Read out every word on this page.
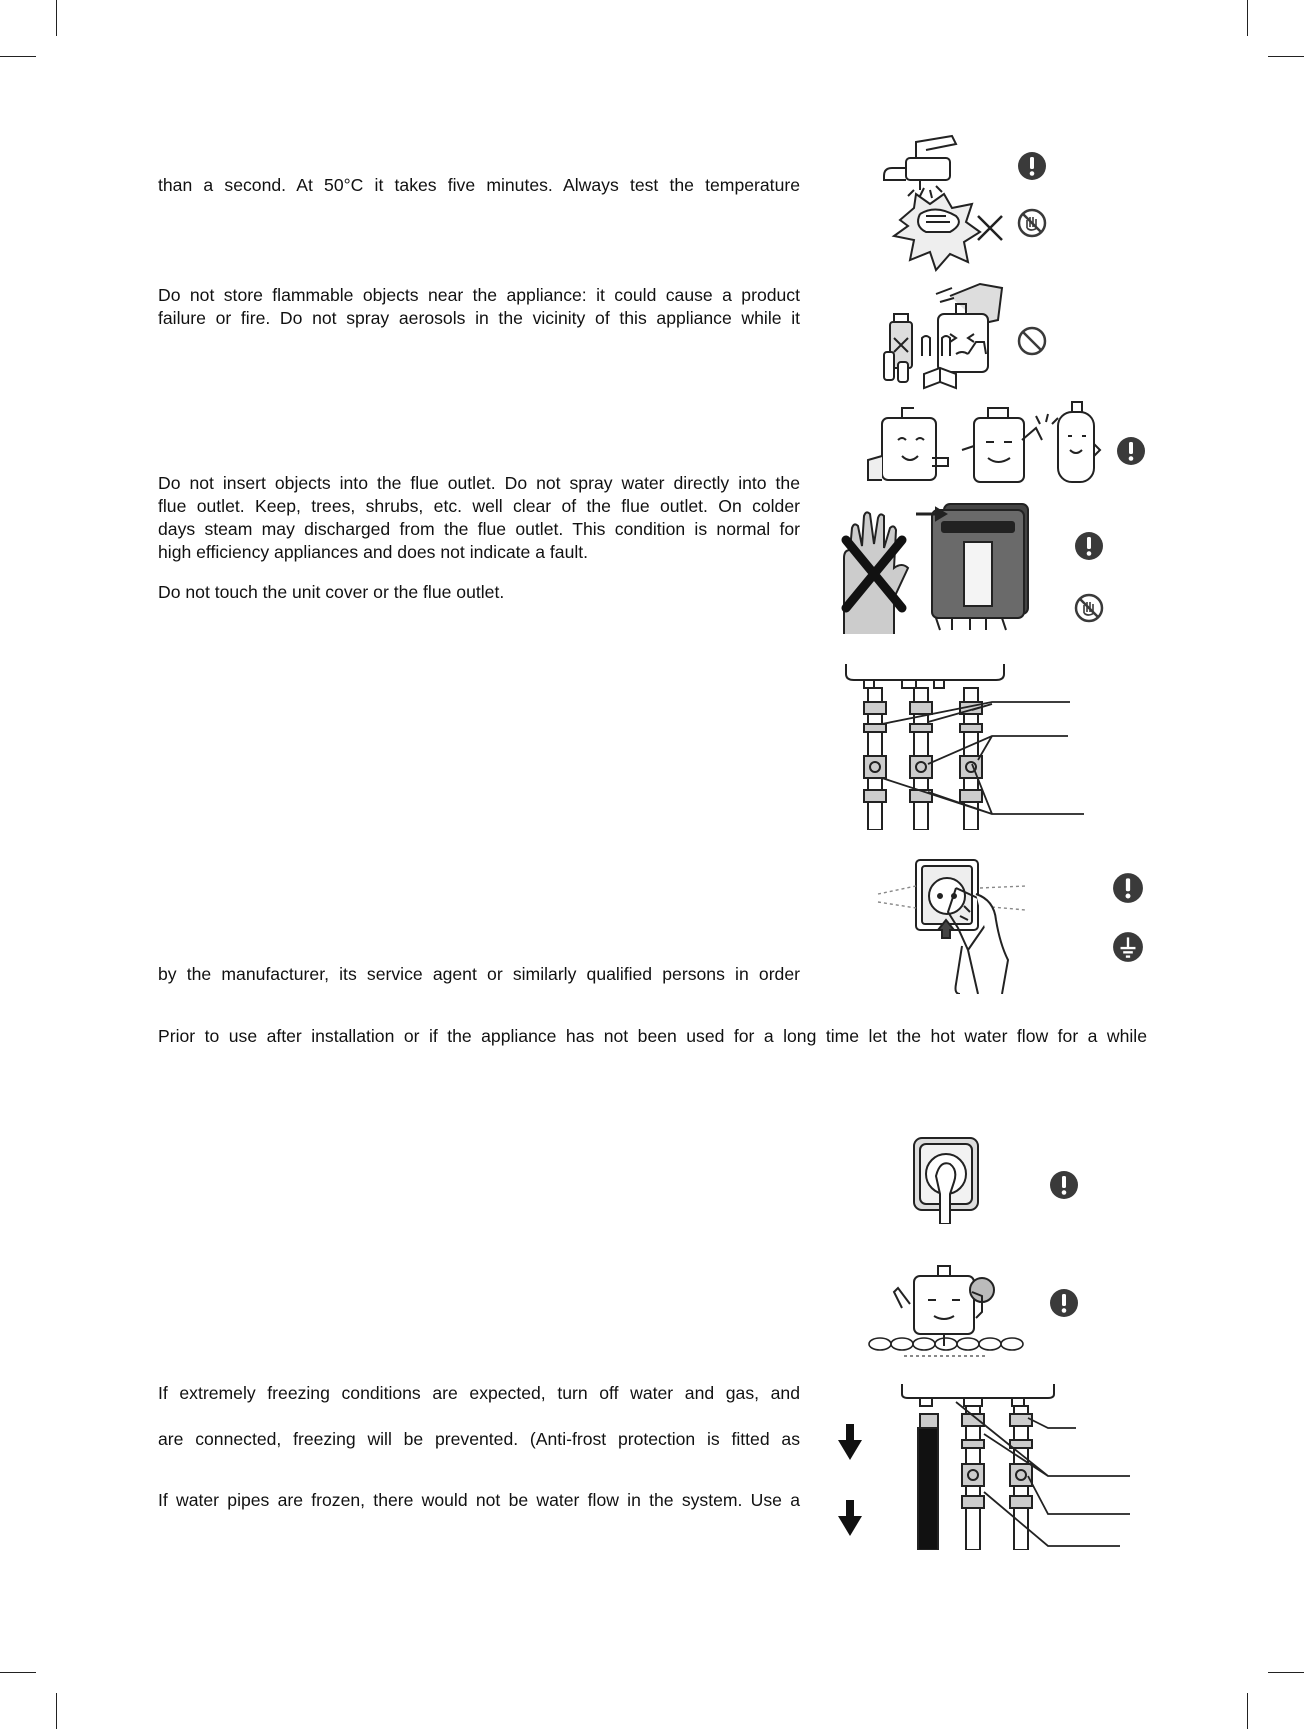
than a second. At 50°C it takes five minutes. Always test the temperature
Do not store flammable objects near the appliance: it could cause a product
failure or fire. Do not spray aerosols in the vicinity of this appliance while it
Do not insert objects into the flue outlet. Do not spray water directly into the
flue outlet. Keep, trees, shrubs, etc. well clear of the flue outlet. On colder
days steam may discharged from the flue outlet. This condition is normal for
high efficiency appliances and does not indicate a fault.
Do not touch the unit cover or the flue outlet.
by the manufacturer, its service agent or similarly qualified persons in order
Prior to use after installation or if the appliance has not been used for a long time let the hot water flow for a while
If extremely freezing conditions are expected, turn off water and gas, and
are connected, freezing will be prevented. (Anti-frost protection is fitted as
If water pipes are frozen, there would not be water flow in the system. Use a
